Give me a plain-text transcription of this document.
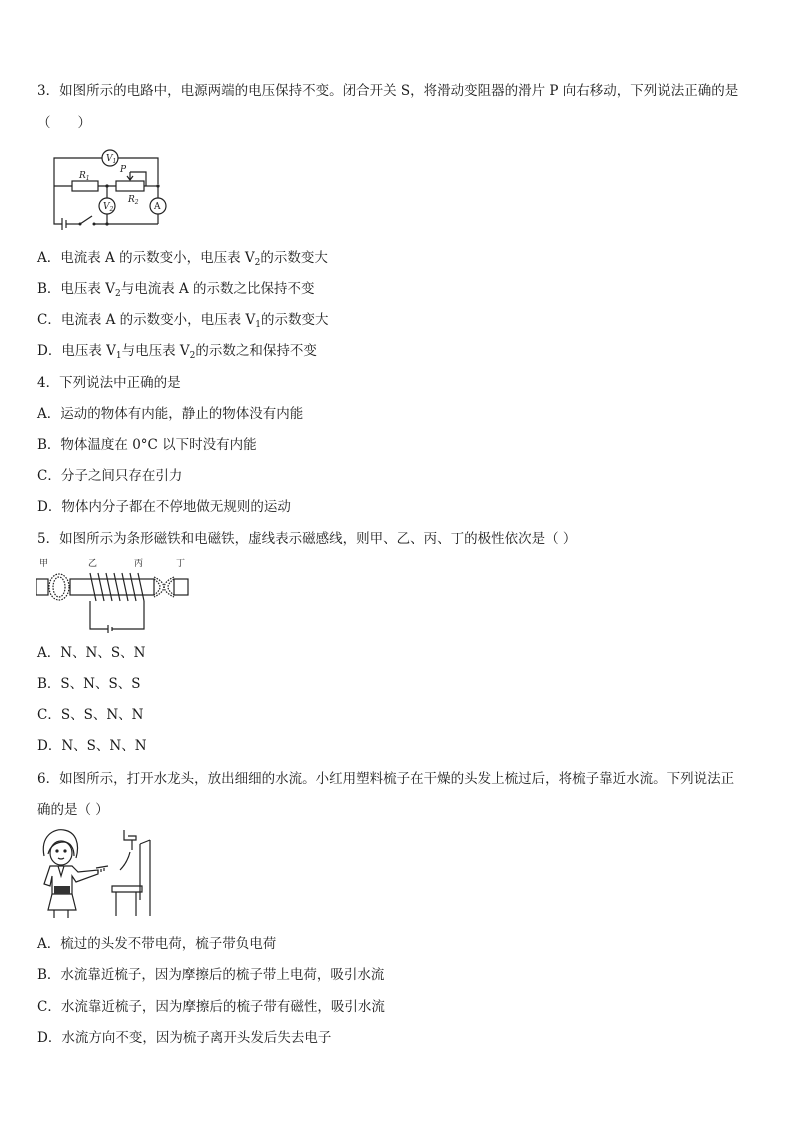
3．如图所示的电路中，电源两端的电压保持不变。闭合开关 S，将滑动变阻器的滑片 P 向右移动，下列说法正确的是
（　　）
$V_1$
$R_1$
P
$R_2$
$V_2$	A
A．电流表 A 的示数变小，电压表 $V_2$的示数变大
B．电压表 $V_2$与电流表 A 的示数之比保持不变
C．电流表 A 的示数变小，电压表 $V_1$的示数变大
D．电压表 $V_1$与电压表 $V_2$的示数之和保持不变
4．下列说法中正确的是
A．运动的物体有内能，静止的物体没有内能
B．物体温度在 0°C 以下时没有内能
C．分子之间只存在引力
D．物体内分子都在不停地做无规则的运动
5．如图所示为条形磁铁和电磁铁，虚线表示磁感线，则甲、乙、丙、丁的极性依次是（ ）
甲	乙	丙	丁
A．N、N、S、N
B．S、N、S、S
C．S、S、N、N
D．N、S、N、N
6．如图所示，打开水龙头，放出细细的水流。小红用塑料梳子在干燥的头发上梳过后，将梳子靠近水流。下列说法正
确的是（ ）
A．梳过的头发不带电荷，梳子带负电荷
B．水流靠近梳子，因为摩擦后的梳子带上电荷，吸引水流
C．水流靠近梳子，因为摩擦后的梳子带有磁性，吸引水流
D．水流方向不变，因为梳子离开头发后失去电子
